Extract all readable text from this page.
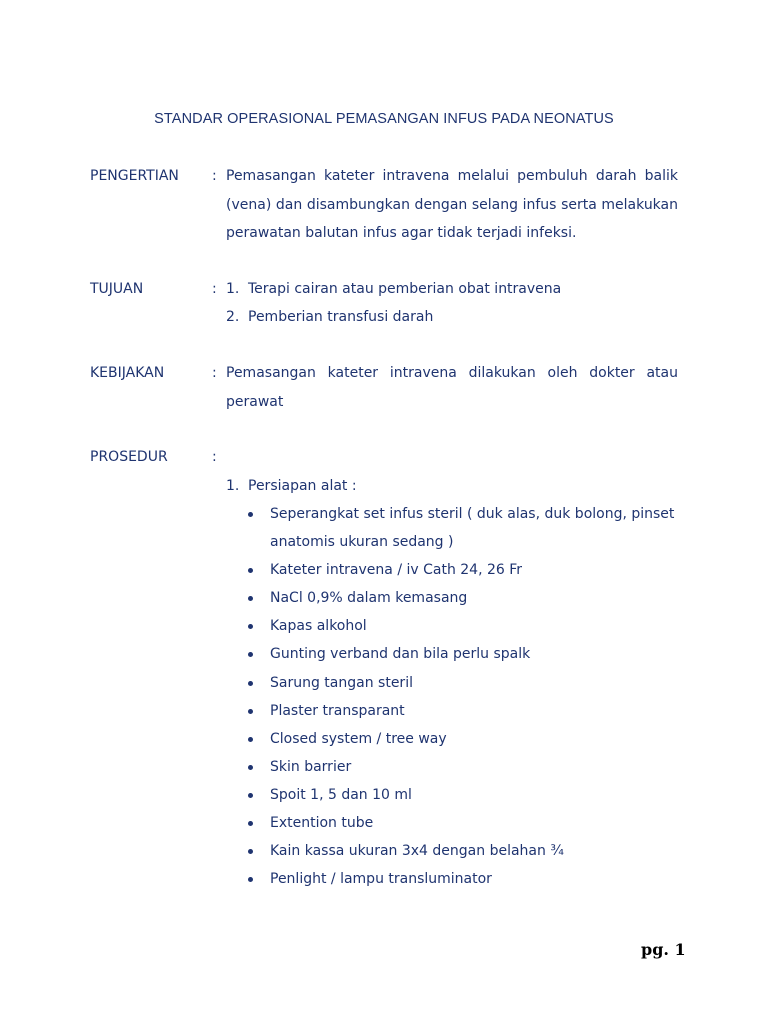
STANDAR OPERASIONAL PEMASANGAN INFUS PADA NEONATUS
PENGERTIAN : Pemasangan kateter intravena melalui pembuluh darah balik (vena) dan disambungkan dengan selang infus serta melakukan perawatan balutan infus agar tidak terjadi infeksi.
TUJUAN	: 1. Terapi cairan atau pemberian obat intravena
2. Pemberian transfusi darah
KEBIJAKAN	: Pemasangan kateter intravena dilakukan oleh dokter atau perawat
PROSEDUR	:
1. Persiapan alat :
Seperangkat set infus steril ( duk alas, duk bolong, pinset anatomis ukuran sedang )
Kateter intravena / iv Cath 24, 26 Fr
NaCl 0,9% dalam kemasang
Kapas alkohol
Gunting verband dan bila perlu spalk
Sarung tangan steril
Plaster transparant
Closed system / tree way
Skin barrier
Spoit 1, 5 dan 10 ml
Extention tube
Kain kassa ukuran 3x4 dengan belahan ¾
Penlight / lampu transluminator
pg. 1
